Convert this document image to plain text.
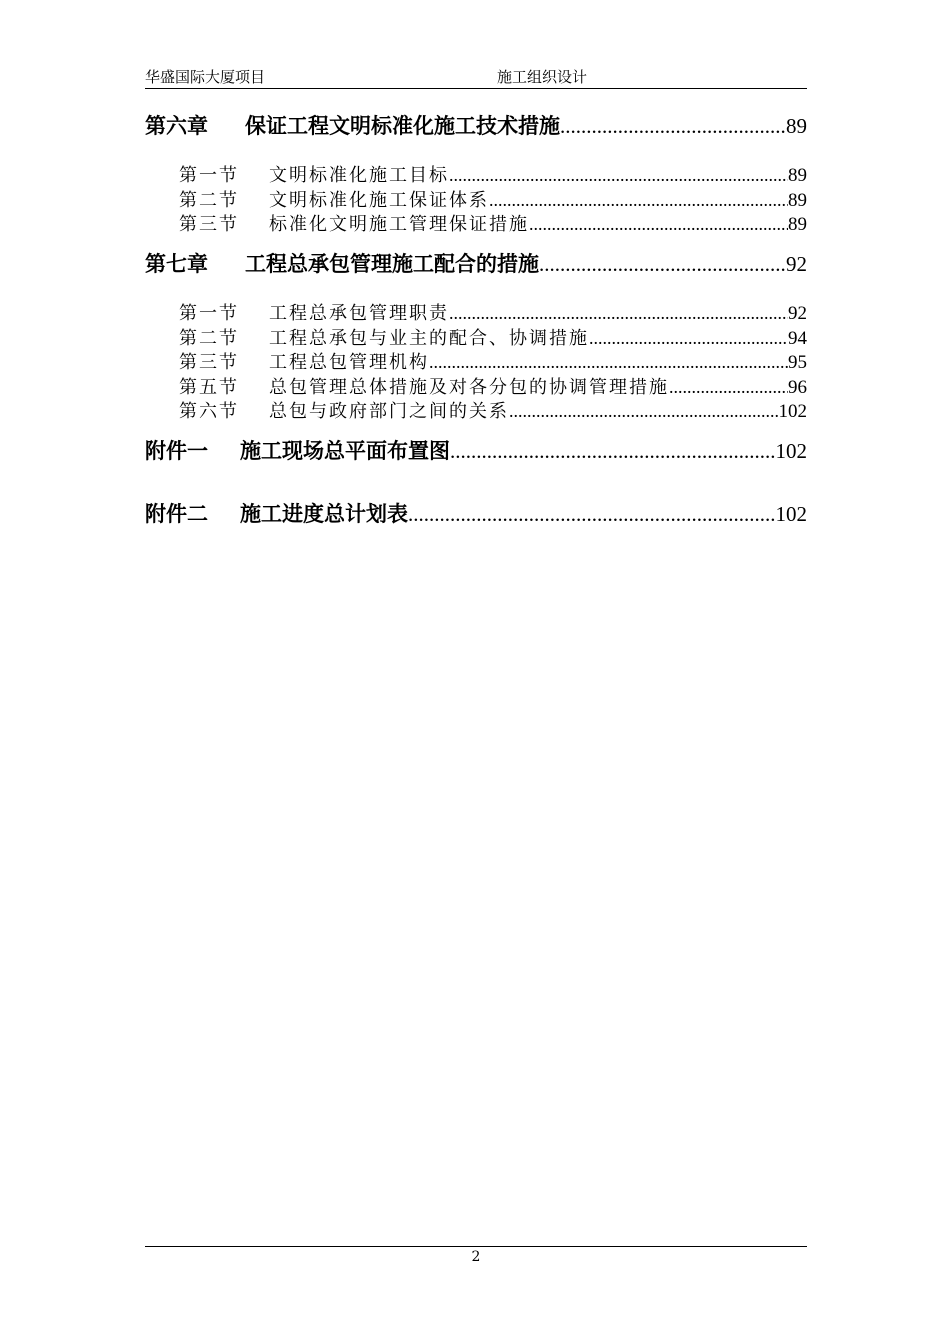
华盛国际大厦项目	施工组织设计
第六章	保证工程文明标准化施工技术措施 .....	89
第一节	文明标准化施工目标 .....	89
第二节	文明标准化施工保证体系 .....	89
第三节	标准化文明施工管理保证措施 .....	89
第七章	工程总承包管理施工配合的措施 .....	92
第一节	工程总承包管理职责 .....	92
第二节	工程总承包与业主的配合、协调措施 .....	94
第三节	工程总包管理机构 .....	95
第五节	总包管理总体措施及对各分包的协调管理措施 .....	96
第六节	总包与政府部门之间的关系 .....	102
附件一	施工现场总平面布置图 .....	102
附件二	施工进度总计划表 .....	102
2
